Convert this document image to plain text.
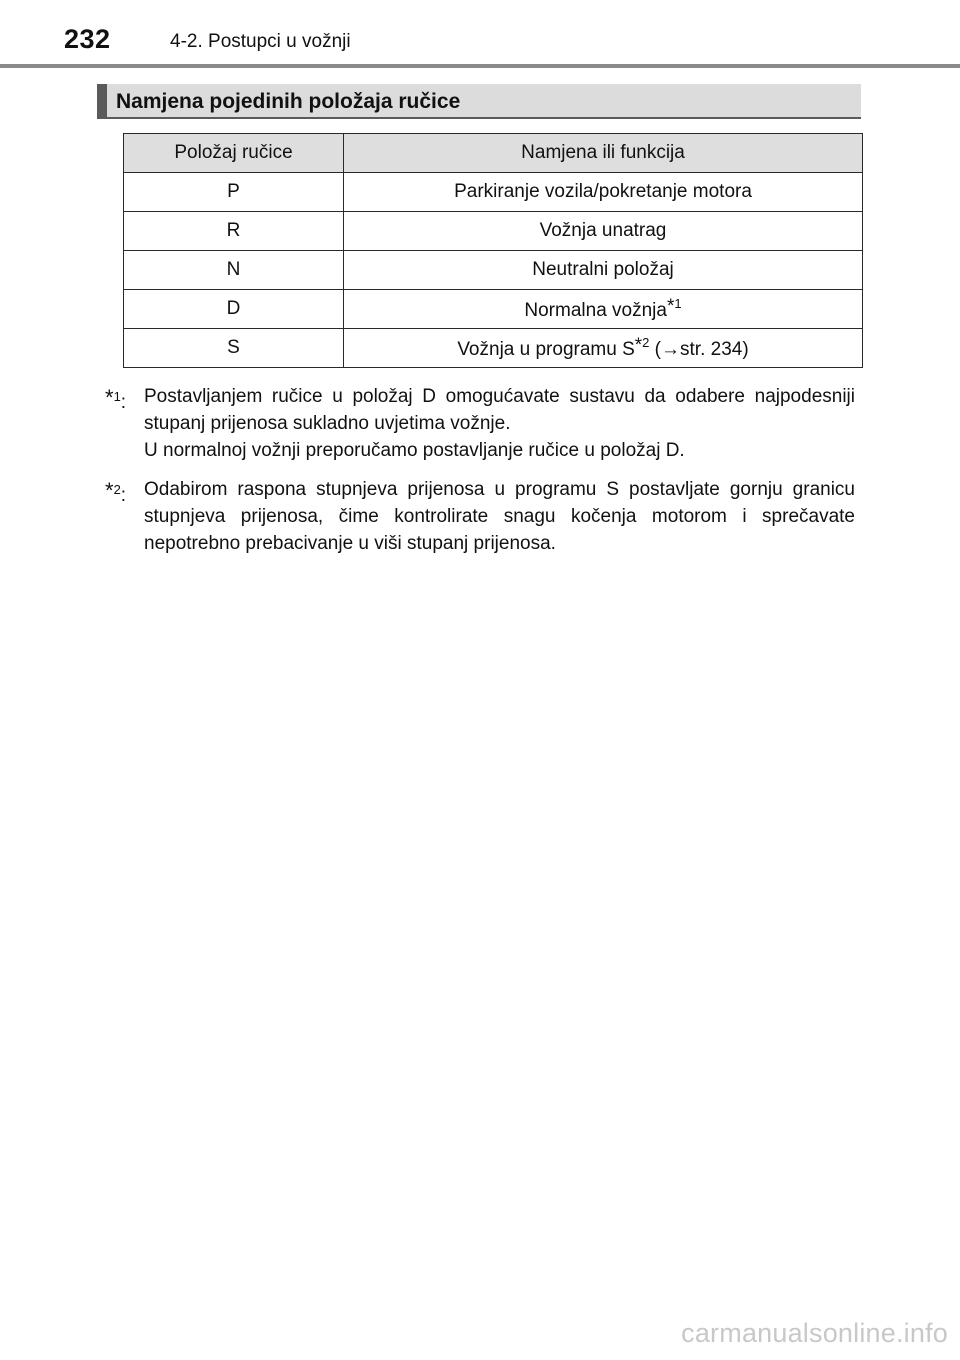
232	4-2. Postupci u vožnji
Namjena pojedinih položaja ručice
Položaj ručice	Namjena ili funkcija
P	Parkiranje vozila/pokretanje motora
R	Vožnja unatrag
N	Neutralni položaj
D	Normalna vožnja*$^1$
S	Vožnja u programu S*$^2$ (→str. 234)
*$^1$: Postavljanjem ručice u položaj D omogućavate sustavu da odabere najpodesniji stupanj prijenosa sukladno uvjetima vožnje.

U normalnoj vožnji preporučamo postavljanje ručice u položaj D.

*$^2$: Odabirom raspona stupnjeva prijenosa u programu S postavljate gornju granicu stupnjeva prijenosa, čime kontrolirate snagu kočenja motorom i sprečavate nepotrebno prebacivanje u viši stupanj prijenosa.

carmanualsonline.info
